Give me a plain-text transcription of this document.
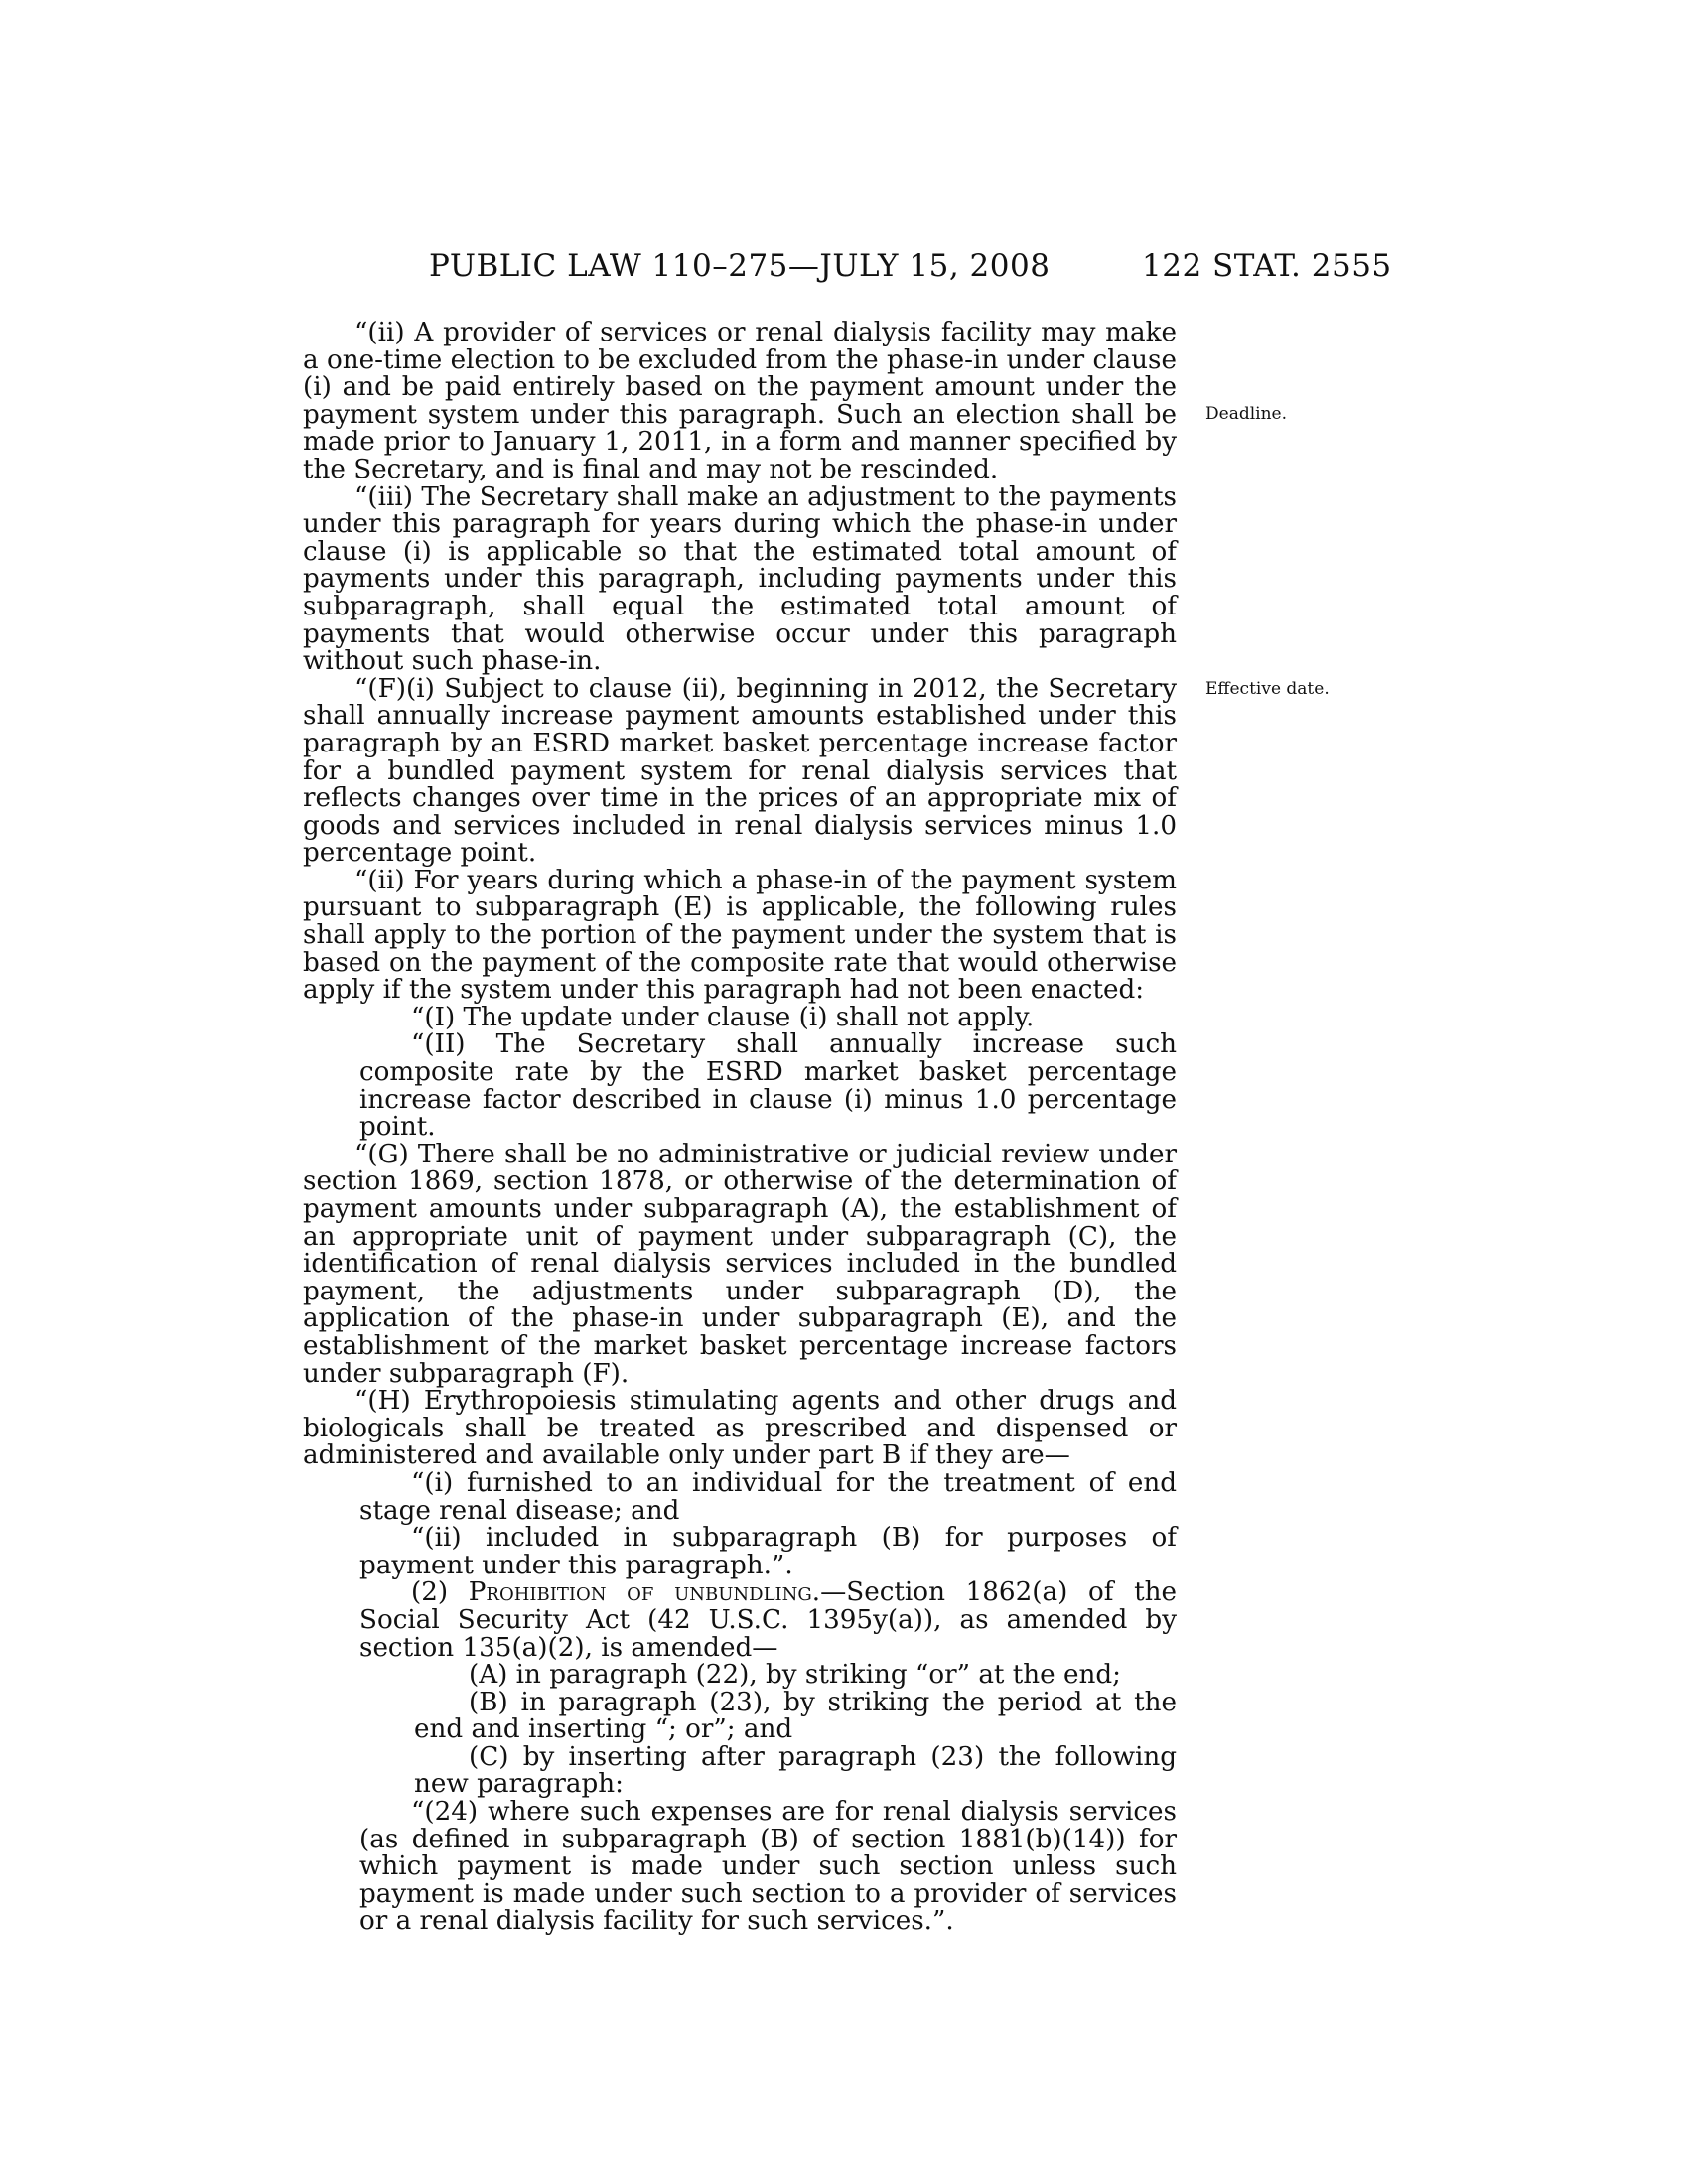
PUBLIC LAW 110–275—JULY 15, 2008	122 STAT. 2555
Deadline.
Effective date.

“(ii) A provider of services or renal dialysis facility may make a one-time election to be excluded from the phase-in under clause (i) and be paid entirely based on the payment amount under the payment system under this paragraph. Such an election shall be made prior to January 1, 2011, in a form and manner specified by the Secretary, and is final and may not be rescinded.

“(iii) The Secretary shall make an adjustment to the payments under this paragraph for years during which the phase-in under clause (i) is applicable so that the estimated total amount of payments under this paragraph, including payments under this subparagraph, shall equal the estimated total amount of payments that would otherwise occur under this paragraph without such phase-in.

“(F)(i) Subject to clause (ii), beginning in 2012, the Secretary shall annually increase payment amounts established under this paragraph by an ESRD market basket percentage increase factor for a bundled payment system for renal dialysis services that reflects changes over time in the prices of an appropriate mix of goods and services included in renal dialysis services minus 1.0 percentage point.

“(ii) For years during which a phase-in of the payment system pursuant to subparagraph (E) is applicable, the following rules shall apply to the portion of the payment under the system that is based on the payment of the composite rate that would otherwise apply if the system under this paragraph had not been enacted:

“(I) The update under clause (i) shall not apply.

“(II) The Secretary shall annually increase such composite rate by the ESRD market basket percentage increase factor described in clause (i) minus 1.0 percentage point.

“(G) There shall be no administrative or judicial review under section 1869, section 1878, or otherwise of the determination of payment amounts under subparagraph (A), the establishment of an appropriate unit of payment under subparagraph (C), the identification of renal dialysis services included in the bundled payment, the adjustments under subparagraph (D), the application of the phase-in under subparagraph (E), and the establishment of the market basket percentage increase factors under subparagraph (F).

“(H) Erythropoiesis stimulating agents and other drugs and biologicals shall be treated as prescribed and dispensed or administered and available only under part B if they are—

“(i) furnished to an individual for the treatment of end stage renal disease; and

“(ii) included in subparagraph (B) for purposes of payment under this paragraph.”.

(2) Prohibition of unbundling.—Section 1862(a) of the Social Security Act (42 U.S.C. 1395y(a)), as amended by section 135(a)(2), is amended—

(A) in paragraph (22), by striking “or” at the end;

(B) in paragraph (23), by striking the period at the end and inserting “; or”; and

(C) by inserting after paragraph (23) the following new paragraph:

“(24) where such expenses are for renal dialysis services (as defined in subparagraph (B) of section 1881(b)(14)) for which payment is made under such section unless such payment is made under such section to a provider of services or a renal dialysis facility for such services.”.
